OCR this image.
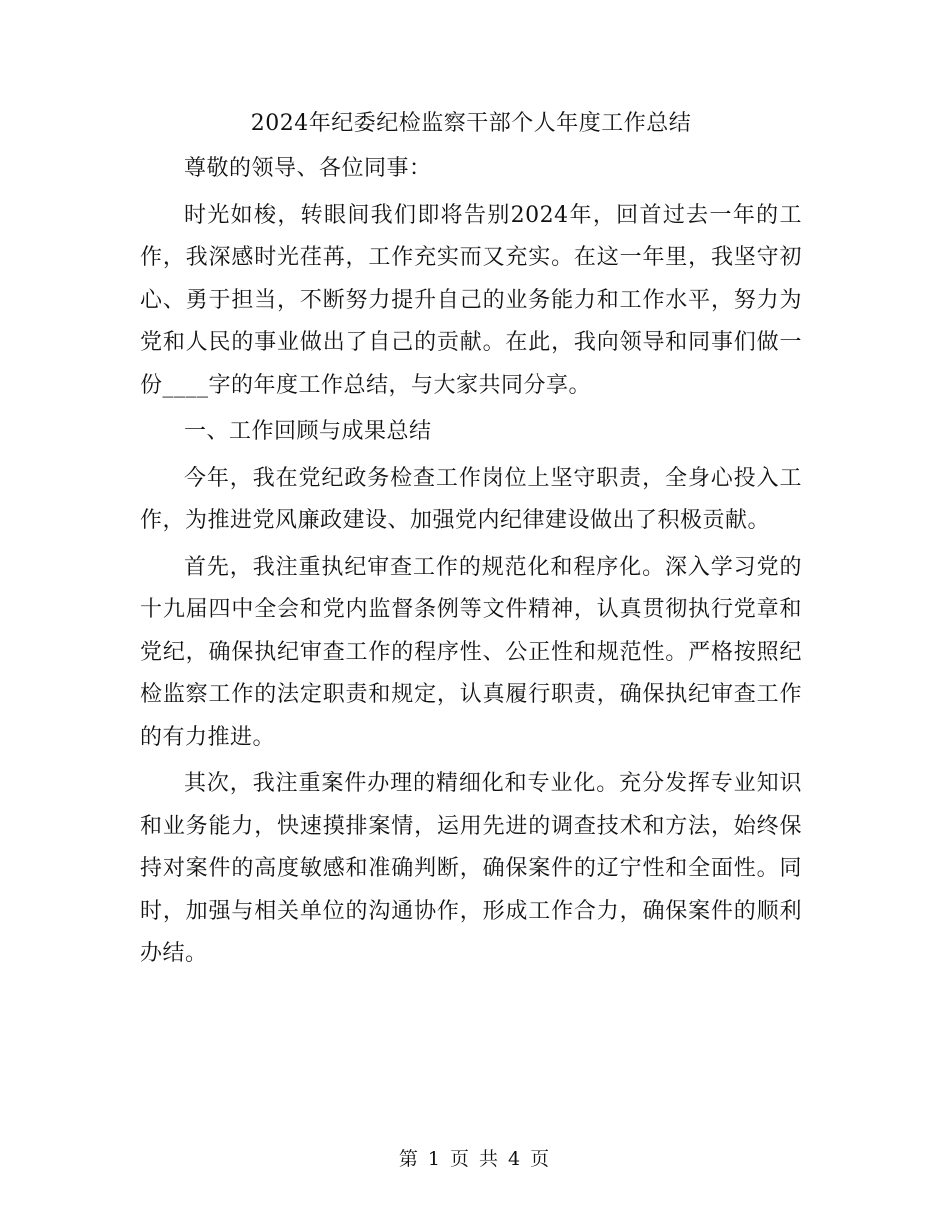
2024年纪委纪检监察干部个人年度工作总结
尊敬的领导、各位同事：
时光如梭，转眼间我们即将告别2024年，回首过去一年的工作，我深感时光荏苒，工作充实而又充实。在这一年里，我坚守初心、勇于担当，不断努力提升自己的业务能力和工作水平，努力为党和人民的事业做出了自己的贡献。在此，我向领导和同事们做一份____字的年度工作总结，与大家共同分享。
一、工作回顾与成果总结
今年，我在党纪政务检查工作岗位上坚守职责，全身心投入工作，为推进党风廉政建设、加强党内纪律建设做出了积极贡献。
首先，我注重执纪审查工作的规范化和程序化。深入学习党的十九届四中全会和党内监督条例等文件精神，认真贯彻执行党章和党纪，确保执纪审查工作的程序性、公正性和规范性。严格按照纪检监察工作的法定职责和规定，认真履行职责，确保执纪审查工作的有力推进。
其次，我注重案件办理的精细化和专业化。充分发挥专业知识和业务能力，快速摸排案情，运用先进的调查技术和方法，始终保持对案件的高度敏感和准确判断，确保案件的辽宁性和全面性。同时，加强与相关单位的沟通协作，形成工作合力，确保案件的顺利办结。
第 1 页 共 4 页
